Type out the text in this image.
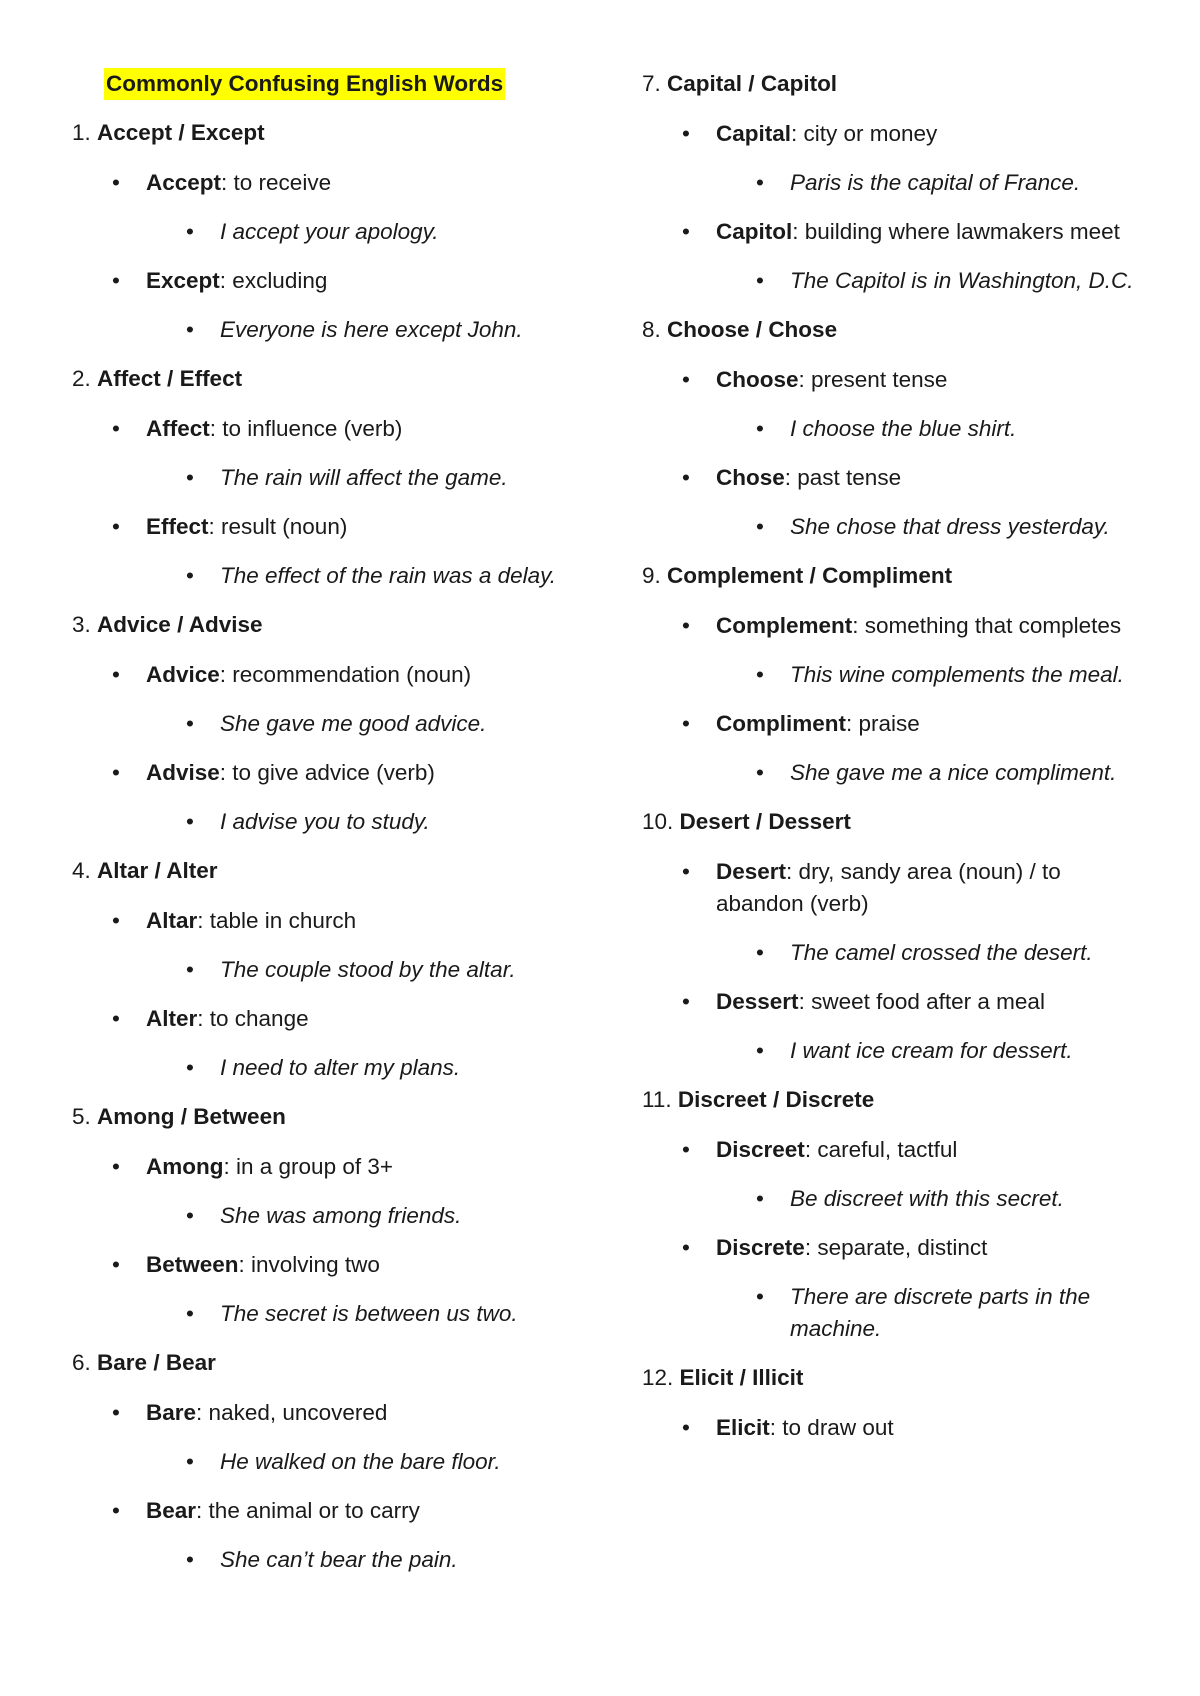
Commonly Confusing English Words
1. Accept / Except
• Accept: to receive
• I accept your apology.
• Except: excluding
• Everyone is here except John.
2. Affect / Effect
• Affect: to influence (verb)
• The rain will affect the game.
• Effect: result (noun)
• The effect of the rain was a delay.
3. Advice / Advise
• Advice: recommendation (noun)
• She gave me good advice.
• Advise: to give advice (verb)
• I advise you to study.
4. Altar / Alter
• Altar: table in church
• The couple stood by the altar.
• Alter: to change
• I need to alter my plans.
5. Among / Between
• Among: in a group of 3+
• She was among friends.
• Between: involving two
• The secret is between us two.
6. Bare / Bear
• Bare: naked, uncovered
• He walked on the bare floor.
• Bear: the animal or to carry
• She can’t bear the pain.
7. Capital / Capitol
• Capital: city or money
• Paris is the capital of France.
• Capitol: building where lawmakers meet
• The Capitol is in Washington, D.C.
8. Choose / Chose
• Choose: present tense
• I choose the blue shirt.
• Chose: past tense
• She chose that dress yesterday.
9. Complement / Compliment
• Complement: something that completes
• This wine complements the meal.
• Compliment: praise
• She gave me a nice compliment.
10. Desert / Dessert
• Desert: dry, sandy area (noun) / to abandon (verb)
• The camel crossed the desert.
• Dessert: sweet food after a meal
• I want ice cream for dessert.
11. Discreet / Discrete
• Discreet: careful, tactful
• Be discreet with this secret.
• Discrete: separate, distinct
• There are discrete parts in the machine.
12. Elicit / Illicit
• Elicit: to draw out
